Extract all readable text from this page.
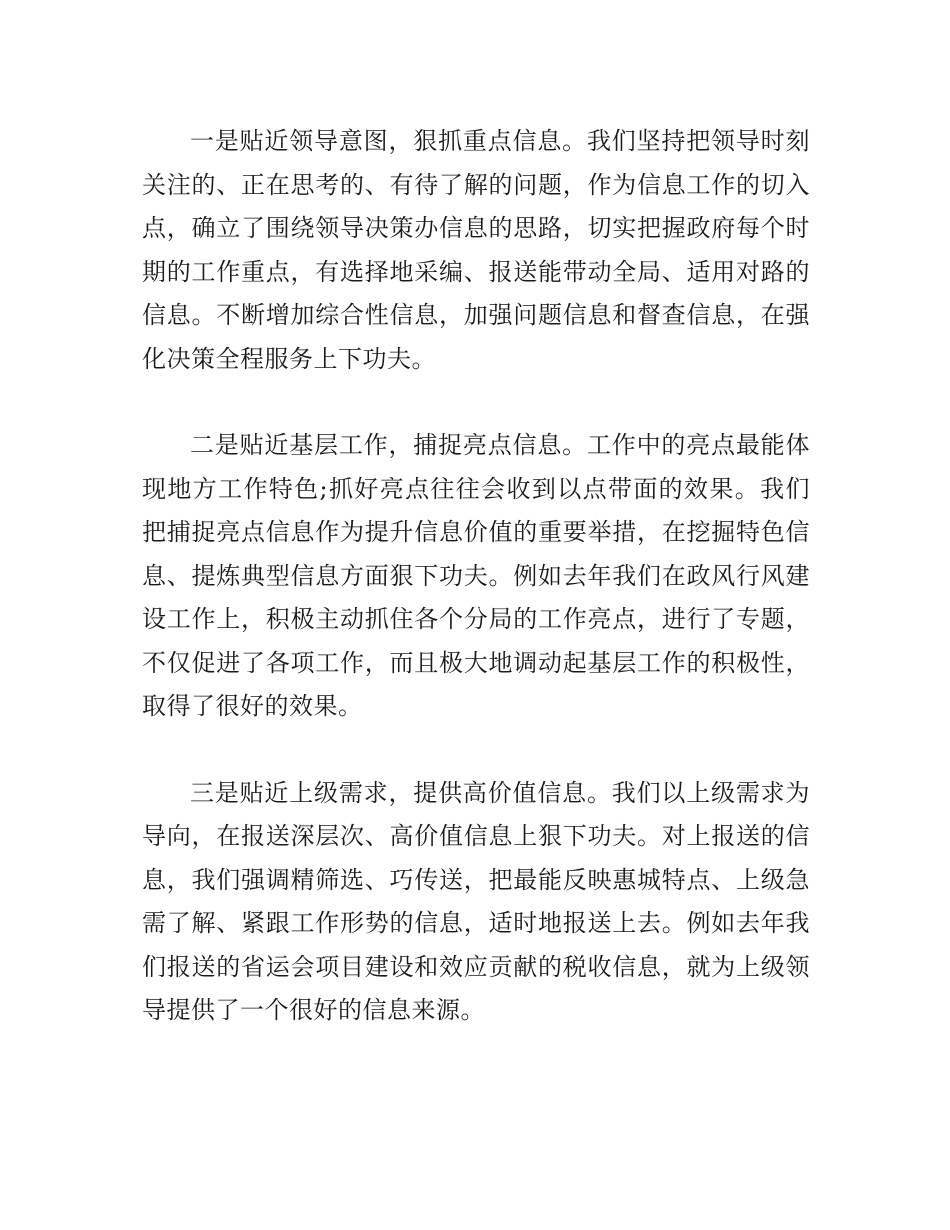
一是贴近领导意图，狠抓重点信息。我们坚持把领导时刻关注的、正在思考的、有待了解的问题，作为信息工作的切入点，确立了围绕领导决策办信息的思路，切实把握政府每个时期的工作重点，有选择地采编、报送能带动全局、适用对路的信息。不断增加综合性信息，加强问题信息和督查信息，在强化决策全程服务上下功夫。

二是贴近基层工作，捕捉亮点信息。工作中的亮点最能体现地方工作特色;抓好亮点往往会收到以点带面的效果。我们把捕捉亮点信息作为提升信息价值的重要举措，在挖掘特色信息、提炼典型信息方面狠下功夫。例如去年我们在政风行风建设工作上，积极主动抓住各个分局的工作亮点，进行了专题，不仅促进了各项工作，而且极大地调动起基层工作的积极性，取得了很好的效果。

三是贴近上级需求，提供高价值信息。我们以上级需求为导向，在报送深层次、高价值信息上狠下功夫。对上报送的信息，我们强调精筛选、巧传送，把最能反映惠城特点、上级急需了解、紧跟工作形势的信息，适时地报送上去。例如去年我们报送的省运会项目建设和效应贡献的税收信息，就为上级领导提供了一个很好的信息来源。
